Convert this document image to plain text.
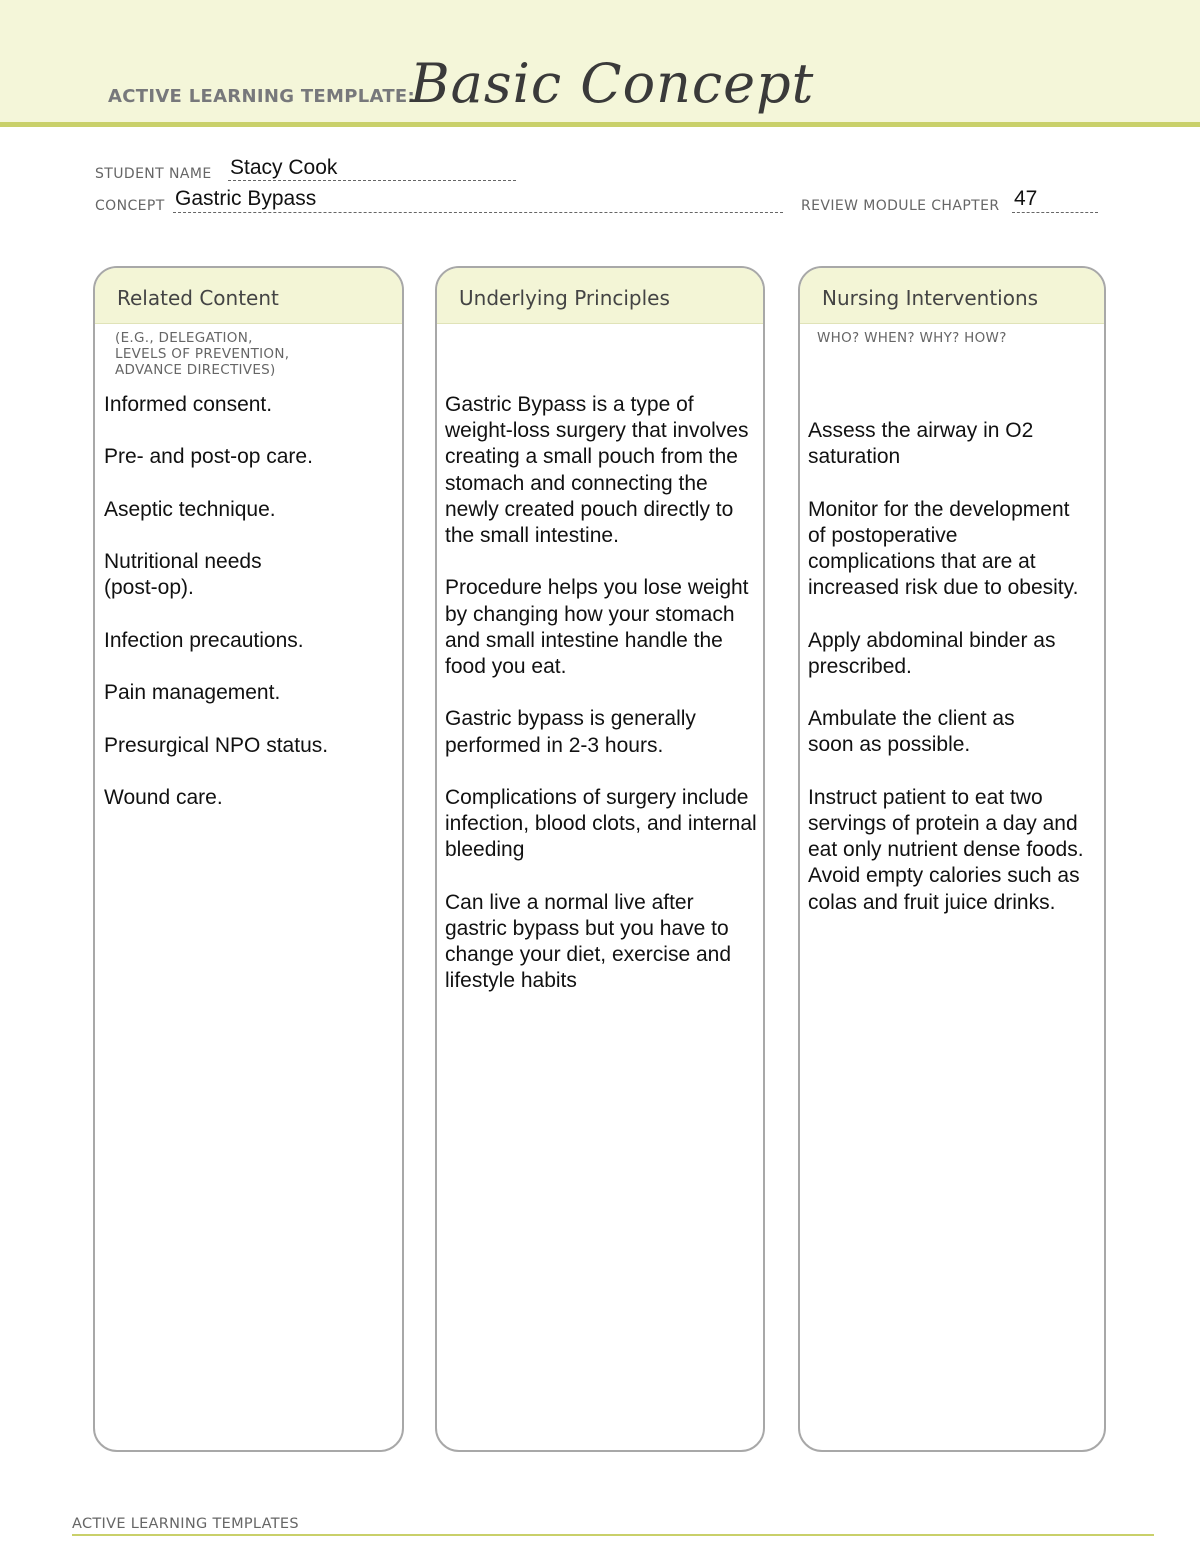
ACTIVE LEARNING TEMPLATE:
Basic Concept
STUDENT NAME Stacy Cook
CONCEPT Gastric Bypass	REVIEW MODULE CHAPTER 47
Related Content
(E.G., DELEGATION,
LEVELS OF PREVENTION,
ADVANCE DIRECTIVES)

Informed consent.

Pre- and post-op care.

Aseptic technique.

Nutritional needs (post-op).

Infection precautions.

Pain management.

Presurgical NPO status.

Wound care.

Underlying Principles

Gastric Bypass is a type of weight-loss surgery that involves creating a small pouch from the stomach and connecting the newly created pouch directly to the small intestine.

Procedure helps you lose weight by changing how your stomach and small intestine handle the food you eat.

Gastric bypass is generally performed in 2-3 hours.

Complications of surgery include infection, blood clots, and internal bleeding

Can live a normal live after gastric bypass but you have to change your diet, exercise and lifestyle habits

Nursing Interventions
WHO? WHEN? WHY? HOW?

Assess the airway in O2 saturation

Monitor for the development of postoperative complications that are at increased risk due to obesity.

Apply abdominal binder as prescribed.

Ambulate the client as soon as possible.

Instruct patient to eat two servings of protein a day and eat only nutrient dense foods. Avoid empty calories such as colas and fruit juice drinks.

ACTIVE LEARNING TEMPLATES
